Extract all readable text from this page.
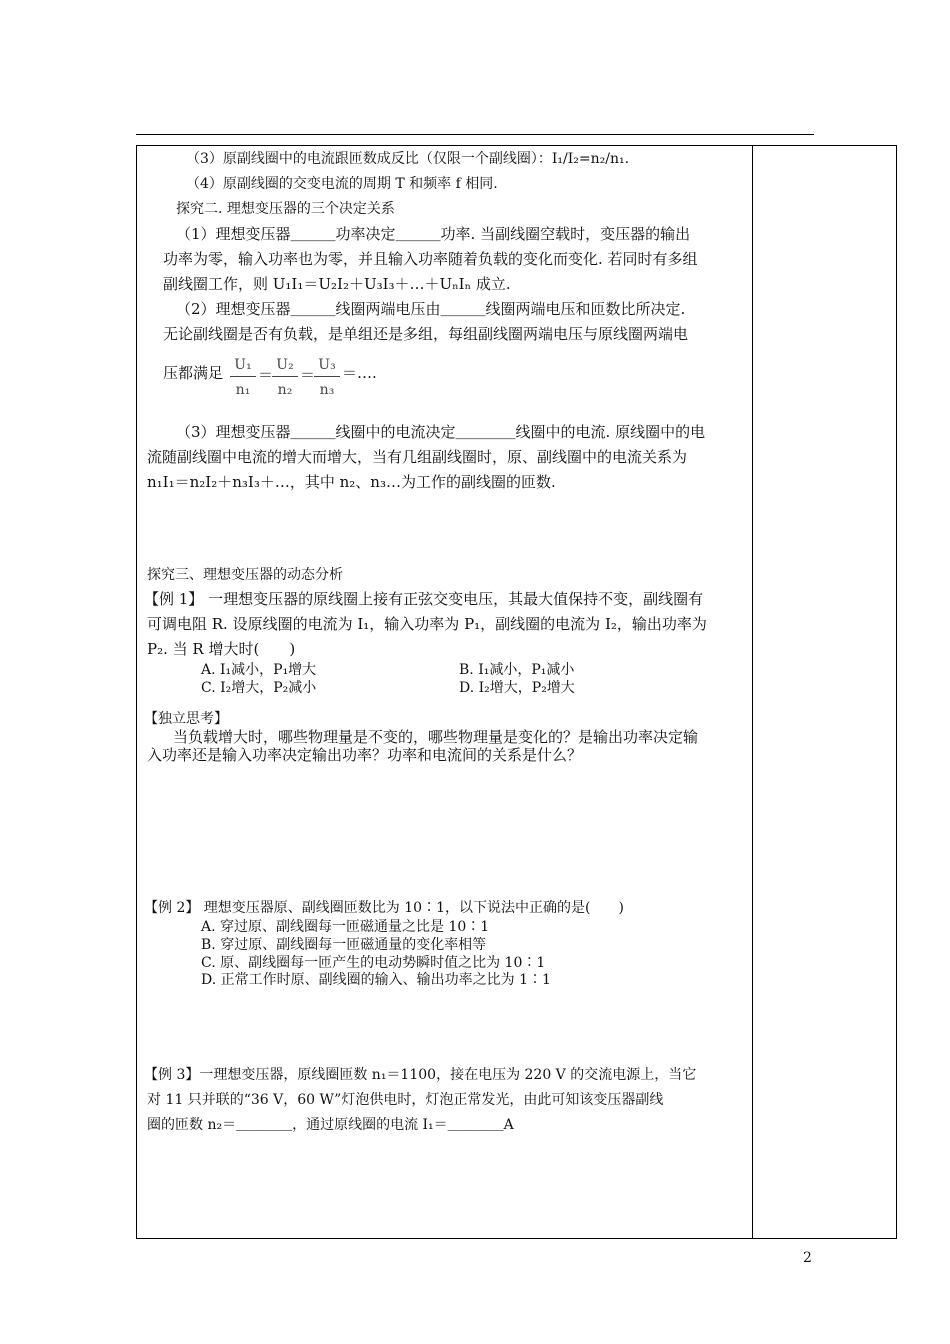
（3）原副线圈中的电流跟匝数成反比（仅限一个副线圈）：I₁/I₂=n₂/n₁.
（4）原副线圈的交变电流的周期 T 和频率 f 相同.
探究二. 理想变压器的三个决定关系
（1）理想变压器＿＿＿功率决定＿＿＿功率. 当副线圈空载时，变压器的输出
功率为零，输入功率也为零，并且输入功率随着负载的变化而变化. 若同时有多组
副线圈工作，则 U₁I₁＝U₂I₂＋U₃I₃＋…＋UₙIₙ 成立.
（2）理想变压器＿＿＿线圈两端电压由＿＿＿线圈两端电压和匝数比所决定.
无论副线圈是否有负载，是单组还是多组，每组副线圈两端电压与原线圈两端电
压都满足 U₁
n₁
＝
U₂
n₂
＝
U₃
n₃
＝….
（3）理想变压器＿＿＿线圈中的电流决定＿＿＿＿线圈中的电流. 原线圈中的电
流随副线圈中电流的增大而增大，当有几组副线圈时，原、副线圈中的电流关系为
n₁I₁＝n₂I₂＋n₃I₃＋…，其中 n₂、n₃…为工作的副线圈的匝数.
探究三、理想变压器的动态分析
【例 1】 一理想变压器的原线圈上接有正弦交变电压，其最大值保持不变，副线圈有
可调电阻 R. 设原线圈的电流为 I₁，输入功率为 P₁，副线圈的电流为 I₂，输出功率为
P₂. 当 R 增大时(　　)
A. I₁减小，P₁增大	B. I₁减小，P₁减小
C. I₂增大，P₂减小	D. I₂增大，P₂增大
【独立思考】
当负载增大时，哪些物理量是不变的，哪些物理量是变化的？是输出功率决定输
入功率还是输入功率决定输出功率？功率和电流间的关系是什么？
【例 2】 理想变压器原、副线圈匝数比为 10∶1，以下说法中正确的是(　　)
A. 穿过原、副线圈每一匝磁通量之比是 10∶1
B. 穿过原、副线圈每一匝磁通量的变化率相等
C. 原、副线圈每一匝产生的电动势瞬时值之比为 10∶1
D. 正常工作时原、副线圈的输入、输出功率之比为 1∶1
【例 3】一理想变压器，原线圈匝数 n₁＝1100，接在电压为 220 V 的交流电源上，当它
对 11 只并联的“36 V，60 W”灯泡供电时，灯泡正常发光，由此可知该变压器副线
圈的匝数 n₂＝＿＿＿＿，通过原线圈的电流 I₁＝＿＿＿＿A
2
